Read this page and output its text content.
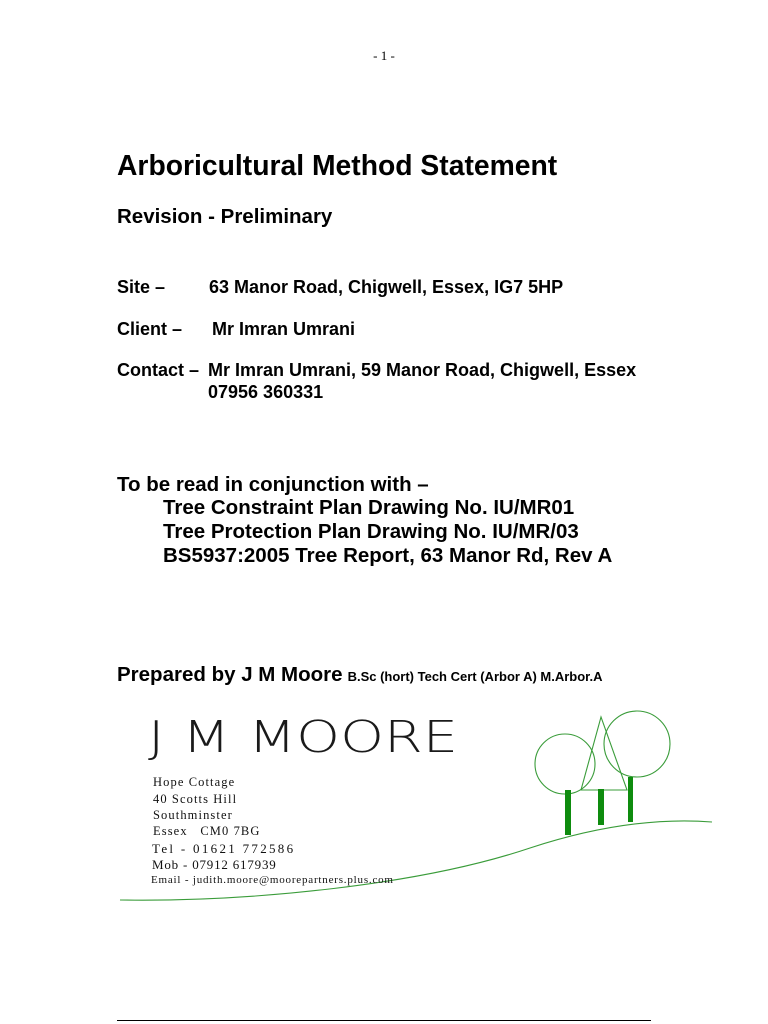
- 1 -
Arboricultural Method Statement
Revision - Preliminary
Site – 63 Manor Road, Chigwell, Essex, IG7 5HP
Client – Mr Imran Umrani
Contact – Mr Imran Umrani, 59 Manor Road, Chigwell, Essex
07956 360331
To be read in conjunction with –
Tree Constraint Plan Drawing No. IU/MR01
Tree Protection Plan Drawing No. IU/MR/03
BS5937:2005 Tree Report, 63 Manor Rd, Rev A
Prepared by J M Moore B.Sc (hort) Tech Cert (Arbor A) M.Arbor.A
J M MOORE
Hope Cottage
40 Scotts Hill
Southminster
Essex   CM0 7BG
Tel - 01621 772586
Mob - 07912 617939
Email - judith.moore@moorepartners.plus.com
